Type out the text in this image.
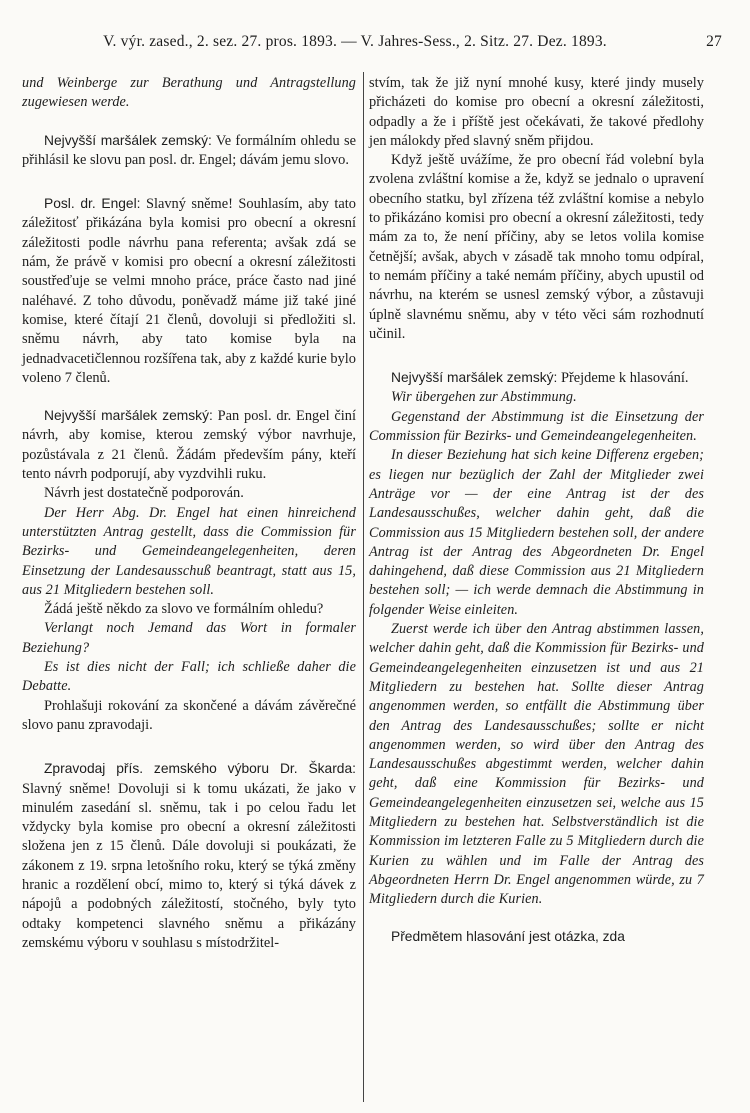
V. výr. zased., 2. sez. 27. pros. 1893. — V. Jahres-Sess., 2. Sitz. 27. Dez. 1893.	27

und Weinberge zur Berathung und Antragstellung zugewiesen werde.

Nejvyšší maršálek zemský: Ve formálním ohledu se přihlásil ke slovu pan posl. dr. Engel; dávám jemu slovo.

Posl. dr. Engel: Slavný sněme! Souhlasím, aby tato záležitosť přikázána byla komisi pro obecní a okresní záležitosti podle návrhu pana referenta; avšak zdá se nám, že právě v komisi pro obecní a okresní záležitosti soustřeďuje se velmi mnoho práce, práce často nad jiné naléhavé. Z toho důvodu, poněvadž máme již také jiné komise, které čítají 21 členů, dovoluji si předložiti sl. sněmu návrh, aby tato komise byla na jednadvacetičlennou rozšířena tak, aby z každé kurie bylo voleno 7 členů.

Nejvyšší maršálek zemský: Pan posl. dr. Engel činí návrh, aby komise, kterou zemský výbor navrhuje, pozůstávala z 21 členů. Žádám především pány, kteří tento návrh podporují, aby vyzdvihli ruku.

Návrh jest dostatečně podporován.

Der Herr Abg. Dr. Engel hat einen hinreichend unterstützten Antrag gestellt, dass die Commission für Bezirks- und Gemeindeangelegenheiten, deren Einsetzung der Landesausschuß beantragt, statt aus 15, aus 21 Mitgliedern bestehen soll.

Žádá ještě někdo za slovo ve formálním ohledu?

Verlangt noch Jemand das Wort in formaler Beziehung?

Es ist dies nicht der Fall; ich schließe daher die Debatte.

Prohlašuji rokování za skončené a dávám závěrečné slovo panu zpravodaji.

Zpravodaj přís. zemského výboru Dr. Škarda: Slavný sněme! Dovoluji si k tomu ukázati, že jako v minulém zasedání sl. sněmu, tak i po celou řadu let vždycky byla komise pro obecní a okresní záležitosti složena jen z 15 členů. Dále dovoluji si poukázati, že zákonem z 19. srpna letošního roku, který se týká změny hranic a rozdělení obcí, mimo to, který si týká dávek z nápojů a podobných záležitostí, stočného, byly tyto odtaky kompetenci slavného sněmu a přikázány zemskému výboru v souhlasu s místodržitel-

stvím, tak že již nyní mnohé kusy, které jindy musely přicházeti do komise pro obecní a okresní záležitosti, odpadly a že i příště jest očekávati, že takové předlohy jen málokdy před slavný sněm přijdou.

Když ještě uvážíme, že pro obecní řád volební byla zvolena zvláštní komise a že, když se jednalo o upravení obecního statku, byl zřízena též zvláštní komise a nebylo to přikázáno komisi pro obecní a okresní záležitosti, tedy mám za to, že není příčiny, aby se letos volila komise četnější; avšak, abych v zásadě tak mnoho tomu odpíral, to nemám příčiny a také nemám příčiny, abych upustil od návrhu, na kterém se usnesl zemský výbor, a zůstavuji úplně slavnému sněmu, aby v této věci sám rozhodnutí učinil.

Nejvyšší maršálek zemský: Přejdeme k hlasování.

Wir übergehen zur Abstimmung.

Gegenstand der Abstimmung ist die Einsetzung der Commission für Bezirks- und Gemeindeangelegenheiten.

In dieser Beziehung hat sich keine Differenz ergeben; es liegen nur bezüglich der Zahl der Mitglieder zwei Anträge vor — der eine Antrag ist der des Landesausschußes, welcher dahin geht, daß die Commission aus 15 Mitgliedern bestehen soll, der andere Antrag ist der Antrag des Abgeordneten Dr. Engel dahingehend, daß diese Commission aus 21 Mitgliedern bestehen soll; — ich werde demnach die Abstimmung in folgender Weise einleiten.

Zuerst werde ich über den Antrag abstimmen lassen, welcher dahin geht, daß die Kommission für Bezirks- und Gemeindeangelegenheiten einzusetzen ist und aus 21 Mitgliedern zu bestehen hat. Sollte dieser Antrag angenommen werden, so entfällt die Abstimmung über den Antrag des Landesausschußes; sollte er nicht angenommen werden, so wird über den Antrag des Landesausschußes abgestimmt werden, welcher dahin geht, daß eine Kommission für Bezirks- und Gemeindeangelegenheiten einzusetzen sei, welche aus 15 Mitgliedern zu bestehen hat. Selbstverständlich ist die Kommission im letzteren Falle zu 5 Mitgliedern durch die Kurien zu wählen und im Falle der Antrag des Abgeordneten Herrn Dr. Engel angenommen würde, zu 7 Mitgliedern durch die Kurien.

Předmětem hlasování jest otázka, zda
